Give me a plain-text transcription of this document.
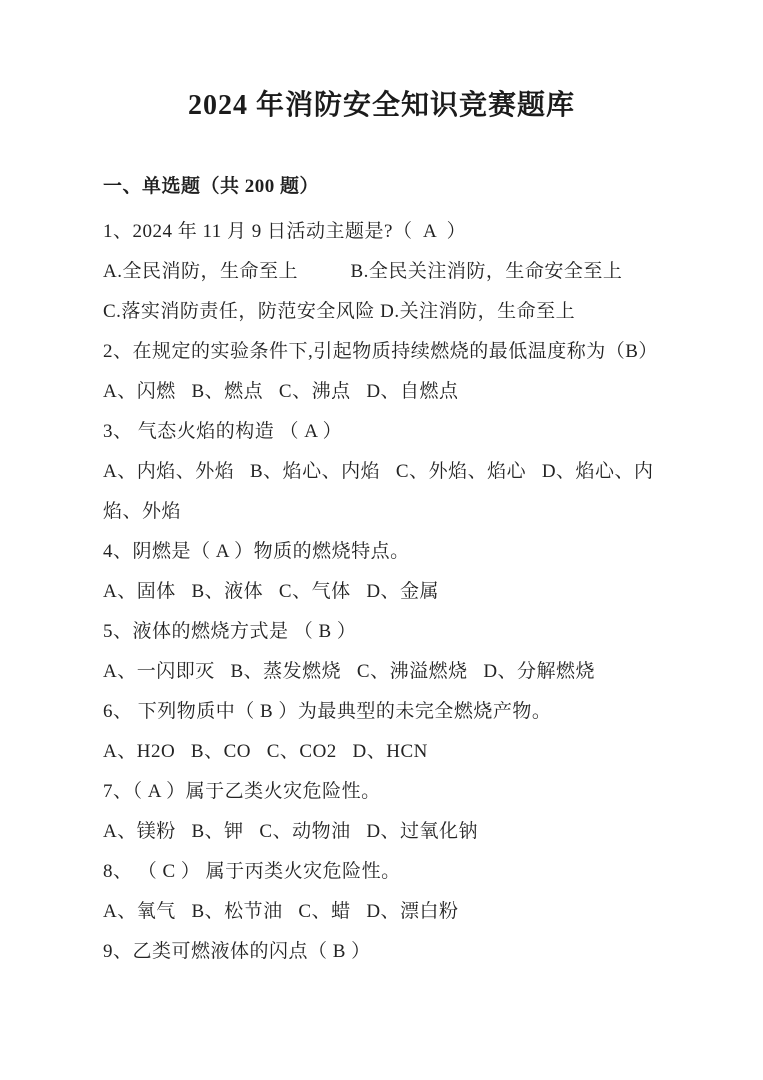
2024 年消防安全知识竞赛题库
一、单选题（共 200 题）

1、2024 年 11 月 9 日活动主题是?（  A  ）

A.全民消防，生命至上          B.全民关注消防，生命安全至上

C.落实消防责任，防范安全风险 D.关注消防，生命至上

2、在规定的实验条件下,引起物质持续燃烧的最低温度称为（B）

A、闪燃   B、燃点   C、沸点   D、自燃点

3、 气态火焰的构造 （ A ）

A、内焰、外焰   B、焰心、内焰   C、外焰、焰心   D、焰心、内

焰、外焰

4、阴燃是（ A ）物质的燃烧特点。

A、固体   B、液体   C、气体   D、金属

5、液体的燃烧方式是 （ B ）

A、一闪即灭   B、蒸发燃烧   C、沸溢燃烧   D、分解燃烧

6、 下列物质中（ B ）为最典型的未完全燃烧产物。

A、H2O   B、CO   C、CO2   D、HCN

7、（ A ）属于乙类火灾危险性。

A、镁粉   B、钾   C、动物油   D、过氧化钠

8、 （ C ） 属于丙类火灾危险性。

A、氧气   B、松节油   C、蜡   D、漂白粉

9、乙类可燃液体的闪点（ B ）
